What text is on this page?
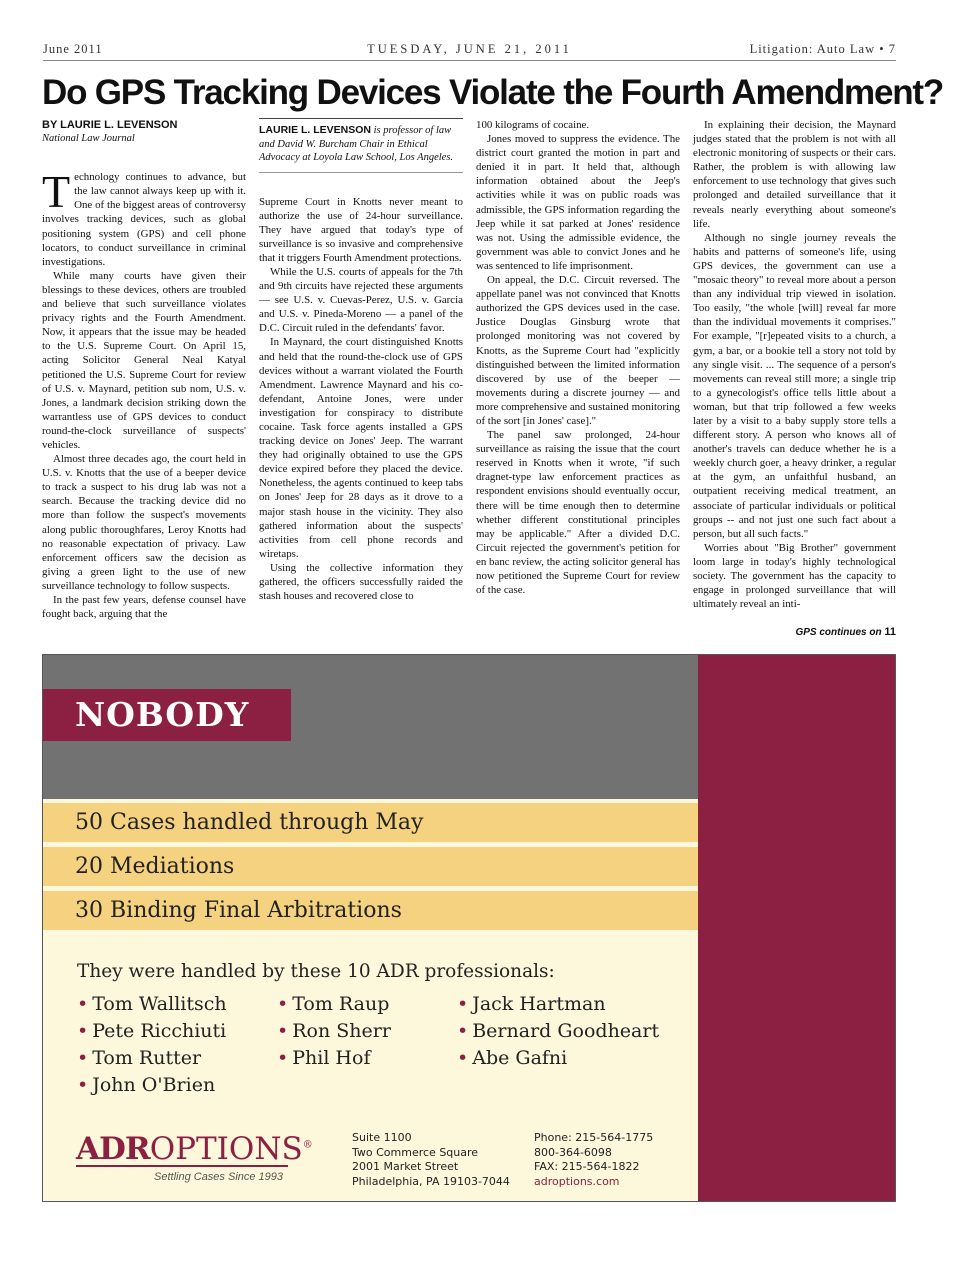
June 2011	TUESDAY, JUNE 21, 2011	Litigation: Auto Law • 7
Do GPS Tracking Devices Violate the Fourth Amendment?

BY LAURIE L. LEVENSON

National Law Journal

Technology continues to advance, but the law cannot always keep up with it. One of the biggest areas of controversy involves tracking devices, such as global positioning system (GPS) and cell phone locators, to conduct surveillance in criminal investigations.

While many courts have given their blessings to these devices, others are troubled and believe that such surveillance violates privacy rights and the Fourth Amendment. Now, it appears that the issue may be headed to the U.S. Supreme Court. On April 15, acting Solicitor General Neal Katyal petitioned the U.S. Supreme Court for review of U.S. v. Maynard, petition sub nom, U.S. v. Jones, a landmark decision striking down the warrantless use of GPS devices to conduct round-the-clock surveillance of suspects' vehicles.

Almost three decades ago, the court held in U.S. v. Knotts that the use of a beeper device to track a suspect to his drug lab was not a search. Because the tracking device did no more than follow the suspect's movements along public thoroughfares, Leroy Knotts had no reasonable expectation of privacy. Law enforcement officers saw the decision as giving a green light to the use of new surveillance technology to follow suspects.

In the past few years, defense counsel have fought back, arguing that the

LAURIE L. LEVENSON is professor of law and David W. Burcham Chair in Ethical Advocacy at Loyola Law School, Los Angeles.

Supreme Court in Knotts never meant to authorize the use of 24-hour surveillance. They have argued that today's type of surveillance is so invasive and comprehensive that it triggers Fourth Amendment protections.

While the U.S. courts of appeals for the 7th and 9th circuits have rejected these arguments — see U.S. v. Cuevas-Perez, U.S. v. Garcia and U.S. v. Pineda-Moreno — a panel of the D.C. Circuit ruled in the defendants' favor.

In Maynard, the court distinguished Knotts and held that the round-the-clock use of GPS devices without a warrant violated the Fourth Amendment. Lawrence Maynard and his co-defendant, Antoine Jones, were under investigation for conspiracy to distribute cocaine. Task force agents installed a GPS tracking device on Jones' Jeep. The warrant they had originally obtained to use the GPS device expired before they placed the device. Nonetheless, the agents continued to keep tabs on Jones' Jeep for 28 days as it drove to a major stash house in the vicinity. They also gathered information about the suspects' activities from cell phone records and wiretaps.

Using the collective information they gathered, the officers successfully raided the stash houses and recovered close to

100 kilograms of cocaine.

Jones moved to suppress the evidence. The district court granted the motion in part and denied it in part. It held that, although information obtained about the Jeep's activities while it was on public roads was admissible, the GPS information regarding the Jeep while it sat parked at Jones' residence was not. Using the admissible evidence, the government was able to convict Jones and he was sentenced to life imprisonment.

On appeal, the D.C. Circuit reversed. The appellate panel was not convinced that Knotts authorized the GPS devices used in the case. Justice Douglas Ginsburg wrote that prolonged monitoring was not covered by Knotts, as the Supreme Court had "explicitly distinguished between the limited information discovered by use of the beeper — movements during a discrete journey — and more comprehensive and sustained monitoring of the sort [in Jones' case]."

The panel saw prolonged, 24-hour surveillance as raising the issue that the court reserved in Knotts when it wrote, "if such dragnet-type law enforcement practices as respondent envisions should eventually occur, there will be time enough then to determine whether different constitutional principles may be applicable." After a divided D.C. Circuit rejected the government's petition for en banc review, the acting solicitor general has now petitioned the Supreme Court for review of the case.

In explaining their decision, the Maynard judges stated that the problem is not with all electronic monitoring of suspects or their cars. Rather, the problem is with allowing law enforcement to use technology that gives such prolonged and detailed surveillance that it reveals nearly everything about someone's life.

Although no single journey reveals the habits and patterns of someone's life, using GPS devices, the government can use a "mosaic theory" to reveal more about a person than any individual trip viewed in isolation. Too easily, "the whole [will] reveal far more than the individual movements it comprises." For example, "[r]epeated visits to a church, a gym, a bar, or a bookie tell a story not told by any single visit. ... The sequence of a person's movements can reveal still more; a single trip to a gynecologist's office tells little about a woman, but that trip followed a few weeks later by a visit to a baby supply store tells a different story. A person who knows all of another's travels can deduce whether he is a weekly church goer, a heavy drinker, a regular at the gym, an unfaithful husband, an outpatient receiving medical treatment, an associate of particular individuals or political groups -- and not just one such fact about a person, but all such facts."

Worries about "Big Brother" government loom large in today's highly technological society. The government has the capacity to engage in prolonged surveillance that will ultimately reveal an inti-

GPS continues on 11
NOBODY
50 Cases handled through May
20 Mediations
30 Binding Final Arbitrations
They were handled by these 10 ADR professionals:
• Tom Wallitsch
• Pete Ricchiuti
• Tom Rutter
• John O'Brien
• Tom Raup
• Ron Sherr
• Phil Hof
• Jack Hartman
• Bernard Goodheart
• Abe Gafni
ADROPTIONS®
Settling Cases Since 1993
Suite 1100
Two Commerce Square
2001 Market Street
Philadelphia, PA 19103-7044
Phone: 215-564-1775
800-364-6098
FAX: 215-564-1822
adroptions.com
